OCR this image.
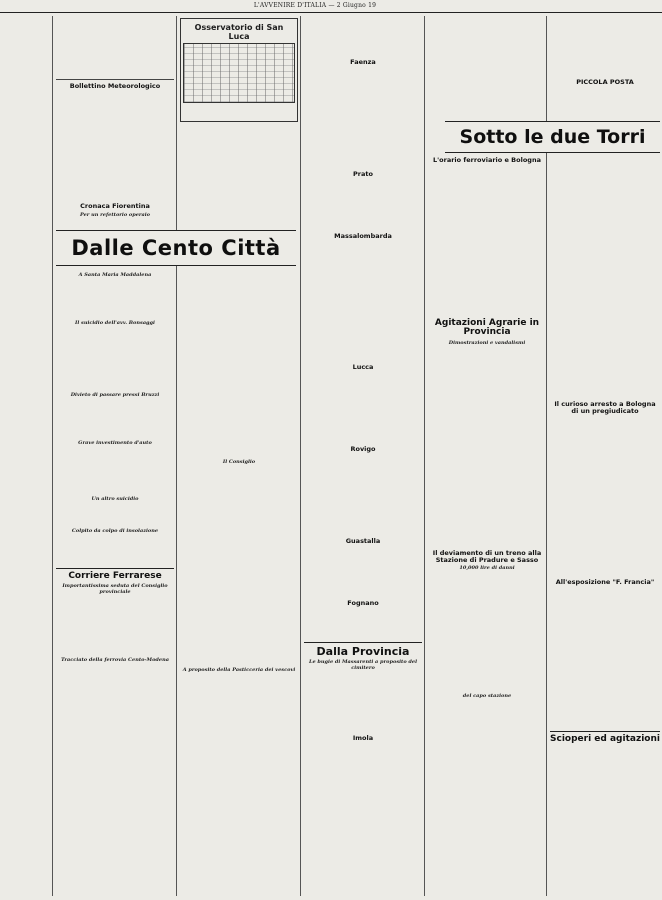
L'AVVENIRE D'ITALIA — 2 Giugno 19
Bollettino Meteorologico
Cronaca Fiorentina
Per un refettorio operaio
A Santa Maria Maddalena
Il suicidio dell'avv. Bonsaggi
Divieto di passare pressi Bruzzi
Grave investimento d'auto
Un altro suicidio
Colpito da colpo di insolazione
Corriere Ferrarese
Importantissima seduta del Consiglio provinciale
Tracciato della ferrovia Cento-Modena
Osservatorio di San Luca
Il Consiglio
A proposito della Pasticceria dei vescovi
Faenza
Prato
Massalombarda
Lucca
Rovigo
Guastalla
Fognano
Dalla Provincia
Le bugie di Massarenti a proposito del cimitero
Imola
L'orario ferroviario e Bologna
Agitazioni Agrarie in Provincia
Dimostrazioni e vandalismi
Il deviamento di un treno alla Stazione di Pradure e Sasso
10,000 lire di danni
del capo stazione
PICCOLA POSTA
Il curioso arresto a Bologna di un pregiudicato
All'esposizione "F. Francia"
Scioperi ed agitazioni
Dalle Cento Città
Sotto le due Torri
